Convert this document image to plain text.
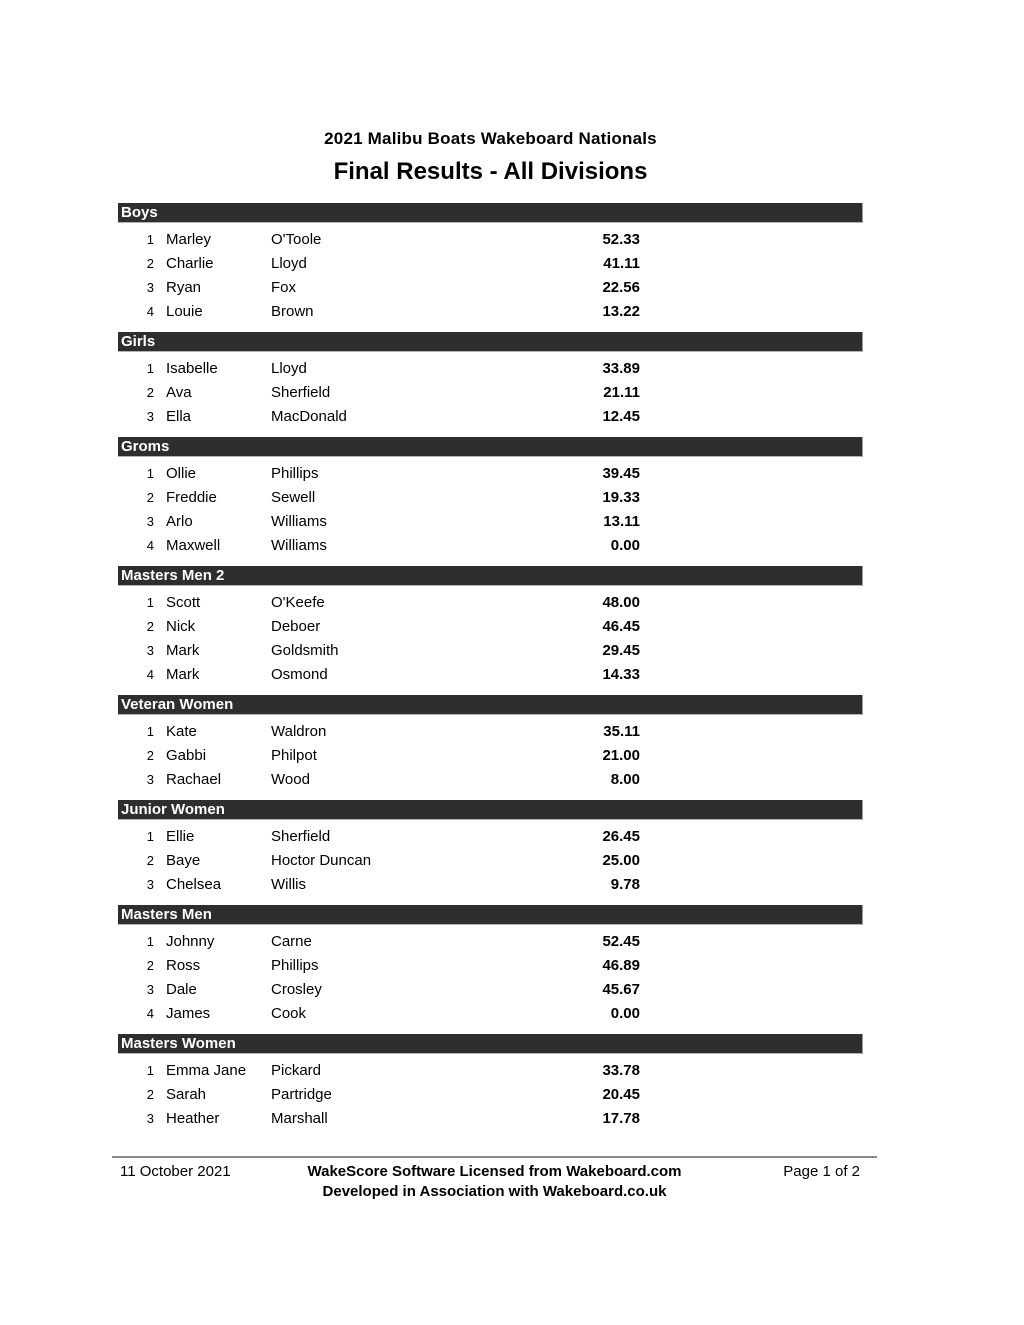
2021 Malibu Boats Wakeboard Nationals
Final Results - All Divisions
Boys
1 Marley	O'Toole	52.33
2 Charlie	Lloyd	41.11
3 Ryan	Fox	22.56
4 Louie	Brown	13.22
Girls
1 Isabelle	Lloyd	33.89
2 Ava	Sherfield	21.11
3 Ella	MacDonald	12.45
Groms
1 Ollie	Phillips	39.45
2 Freddie	Sewell	19.33
3 Arlo	Williams	13.11
4 Maxwell	Williams	0.00
Masters Men 2
1 Scott	O'Keefe	48.00
2 Nick	Deboer	46.45
3 Mark	Goldsmith	29.45
4 Mark	Osmond	14.33
Veteran Women
1 Kate	Waldron	35.11
2 Gabbi	Philpot	21.00
3 Rachael	Wood	8.00
Junior Women
1 Ellie	Sherfield	26.45
2 Baye	Hoctor Duncan	25.00
3 Chelsea	Willis	9.78
Masters Men
1 Johnny	Carne	52.45
2 Ross	Phillips	46.89
3 Dale	Crosley	45.67
4 James	Cook	0.00
Masters Women
1 Emma Jane	Pickard	33.78
2 Sarah	Partridge	20.45
3 Heather	Marshall	17.78
11 October 2021	WakeScore Software Licensed from Wakeboard.com
Developed in Association with Wakeboard.co.uk
Page 1 of 2
